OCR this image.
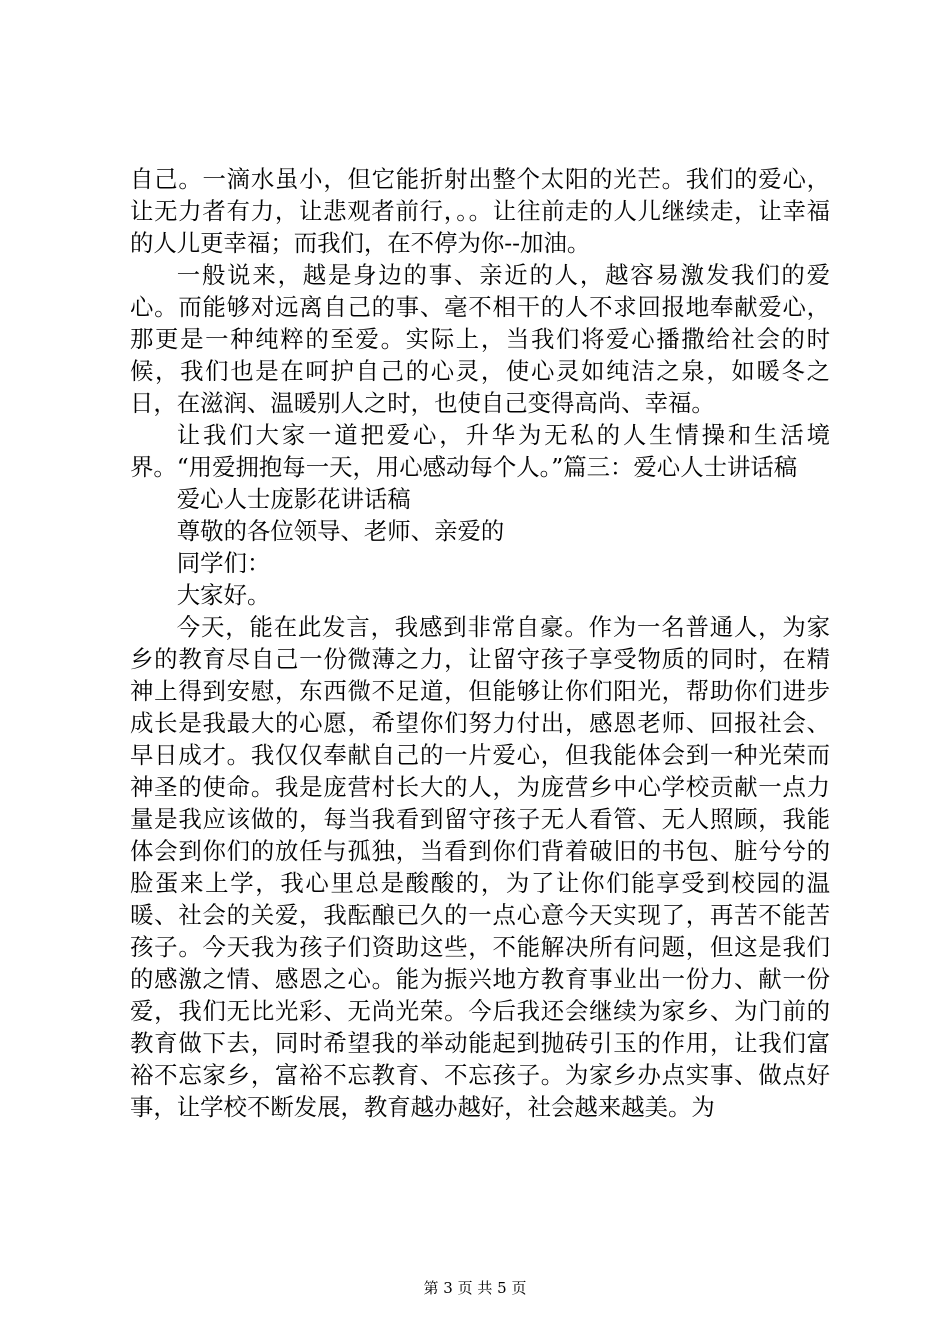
自己。一滴水虽小，但它能折射出整个太阳的光芒。我们的爱心，让无力者有力，让悲观者前行，。。让往前走的人儿继续走，让幸福的人儿更幸福；而我们，在不停为你--加油。

一般说来，越是身边的事、亲近的人，越容易激发我们的爱心。而能够对远离自己的事、毫不相干的人不求回报地奉献爱心，那更是一种纯粹的至爱。实际上，当我们将爱心播撒给社会的时候，我们也是在呵护自己的心灵，使心灵如纯洁之泉，如暖冬之日，在滋润、温暖别人之时，也使自己变得高尚、幸福。

让我们大家一道把爱心，升华为无私的人生情操和生活境界。“用爱拥抱每一天，用心感动每个人。”篇三：爱心人士讲话稿

爱心人士庞影花讲话稿

尊敬的各位领导、老师、亲爱的

同学们：

大家好。

今天，能在此发言，我感到非常自豪。作为一名普通人，为家乡的教育尽自己一份微薄之力，让留守孩子享受物质的同时，在精神上得到安慰，东西微不足道，但能够让你们阳光，帮助你们进步成长是我最大的心愿，希望你们努力付出，感恩老师、回报社会、早日成才。我仅仅奉献自己的一片爱心，但我能体会到一种光荣而神圣的使命。我是庞营村长大的人，为庞营乡中心学校贡献一点力量是我应该做的，每当我看到留守孩子无人看管、无人照顾，我能体会到你们的放任与孤独，当看到你们背着破旧的书包、脏兮兮的脸蛋来上学，我心里总是酸酸的，为了让你们能享受到校园的温暖、社会的关爱，我酝酿已久的一点心意今天实现了，再苦不能苦孩子。今天我为孩子们资助这些，不能解决所有问题，但这是我们的感激之情、感恩之心。能为振兴地方教育事业出一份力、献一份爱，我们无比光彩、无尚光荣。今后我还会继续为家乡、为门前的教育做下去，同时希望我的举动能起到抛砖引玉的作用，让我们富裕不忘家乡，富裕不忘教育、不忘孩子。为家乡办点实事、做点好事，让学校不断发展，教育越办越好，社会越来越美。为

第 3 页 共 5 页
